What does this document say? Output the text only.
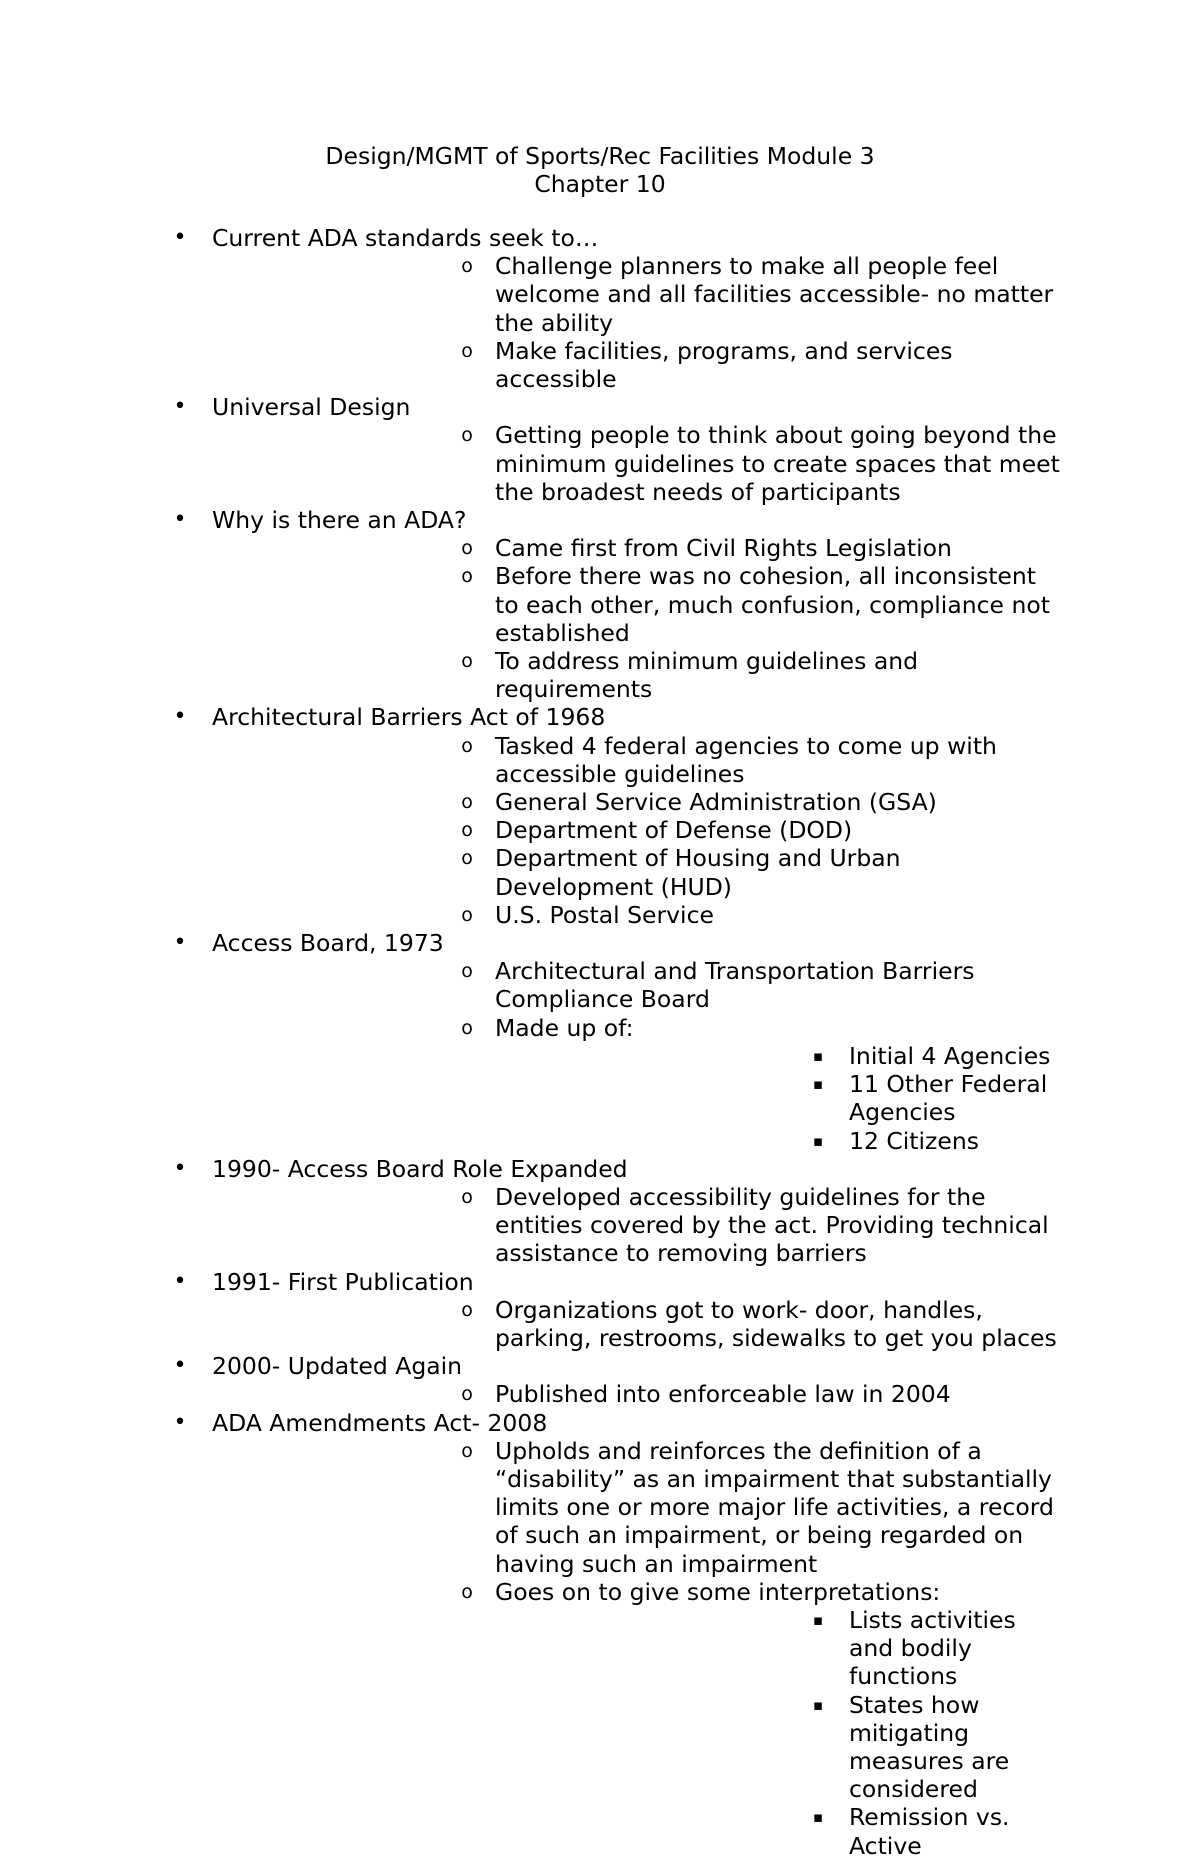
Design/MGMT of Sports/Rec Facilities Module 3
Chapter 10
• Current ADA standards seek to…
o Challenge planners to make all people feel welcome and all facilities accessible- no matter the ability
o Make facilities, programs, and services accessible
• Universal Design
o Getting people to think about going beyond the minimum guidelines to create spaces that meet the broadest needs of participants
• Why is there an ADA?
o Came first from Civil Rights Legislation
o Before there was no cohesion, all inconsistent to each other, much confusion, compliance not established
o To address minimum guidelines and requirements
• Architectural Barriers Act of 1968
o Tasked 4 federal agencies to come up with accessible guidelines
o General Service Administration (GSA)
o Department of Defense (DOD)
o Department of Housing and Urban Development (HUD)
o U.S. Postal Service
• Access Board, 1973
o Architectural and Transportation Barriers Compliance Board
o Made up of:
▪ Initial 4 Agencies
▪ 11 Other Federal Agencies
▪ 12 Citizens
• 1990- Access Board Role Expanded
o Developed accessibility guidelines for the entities covered by the act. Providing technical assistance to removing barriers
• 1991- First Publication
o Organizations got to work- door, handles, parking, restrooms, sidewalks to get you places
• 2000- Updated Again
o Published into enforceable law in 2004
• ADA Amendments Act- 2008
o Upholds and reinforces the definition of a “disability” as an impairment that substantially limits one or more major life activities, a record of such an impairment, or being regarded on having such an impairment
o Goes on to give some interpretations:
▪ Lists activities and bodily functions
▪ States how mitigating measures are considered
▪ Remission vs. Active
